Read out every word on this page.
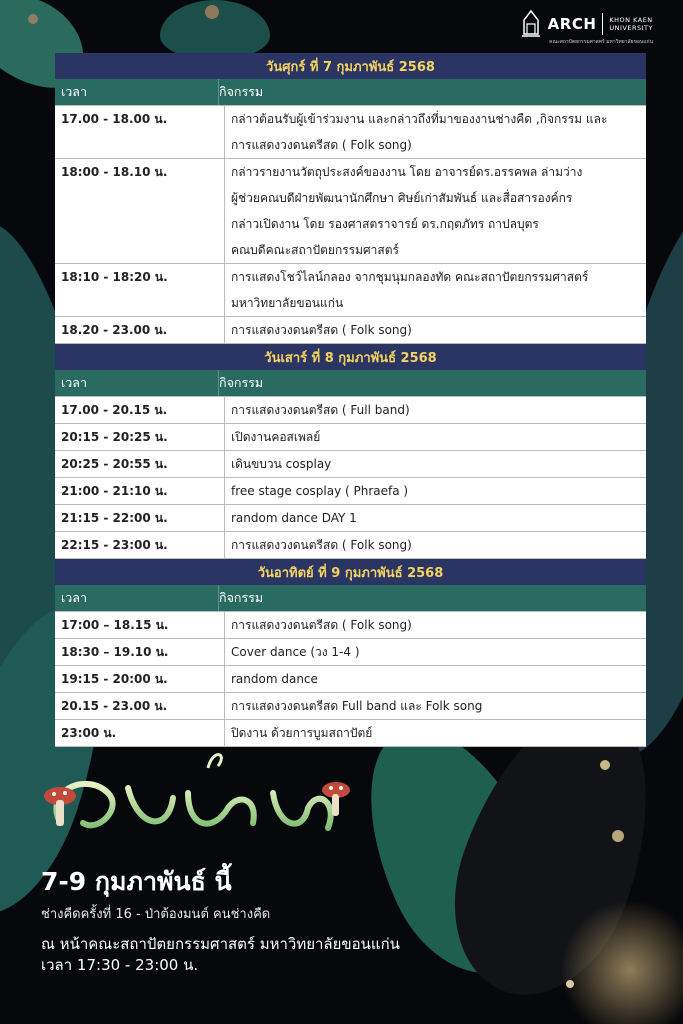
ARCH KHON KAEN
UNIVERSITY
คณะสถาปัตยกรรมศาสตร์ มหาวิทยาลัยขอนแก่น
วันศุกร์ ที่ 7 กุมภาพันธ์ 2568
เวลา	กิจกรรม
17.00 - 18.00 น.	กล่าวต้อนรับผู้เข้าร่วมงาน และกล่าวถึงที่มาของงานช่างคืด ,กิจกรรม และ
การแสดงวงดนตรีสด ( Folk song)
18:00 - 18.10 น.	กล่าวรายงานวัตถุประสงค์ของงาน โดย อาจารย์ดร.อรรคพล ล่ามว่าง
ผู้ช่วยคณบดีฝ่ายพัฒนานักศึกษา ศิษย์เก่าสัมพันธ์ และสื่อสารองค์กร
กล่าวเปิดงาน โดย รองศาสตราจารย์ ดร.กฤตภัทร ถาปลบุตร
คณบดีคณะสถาปัตยกรรมศาสตร์
18:10 - 18:20 น.	การแสดงโชว์ไลน์กลอง จากชุมนุมกลองทัด คณะสถาปัตยกรรมศาสตร์
มหาวิทยาลัยขอนแก่น
18.20 - 23.00 น.	การแสดงวงดนตรีสด ( Folk song)
วันเสาร์ ที่ 8 กุมภาพันธ์ 2568
เวลา	กิจกรรม
17.00 - 20.15 น.	การแสดงวงดนตรีสด ( Full band)
20:15 - 20:25 น.	เปิดงานคอสเพลย์
20:25 - 20:55 น.	เดินขบวน cosplay
21:00 - 21:10 น.	free stage cosplay ( Phraefa )
21:15 - 22:00 น.	random dance DAY 1
22:15 - 23:00 น.	การแสดงวงดนตรีสด ( Folk song)
วันอาทิตย์ ที่ 9 กุมภาพันธ์ 2568
เวลา	กิจกรรม
17:00 – 18.15 น.	การแสดงวงดนตรีสด ( Folk song)
18:30 – 19.10 น.	Cover dance (วง 1-4 )
19:15 - 20:00 น.	random dance
20.15 - 23.00 น.	การแสดงวงดนตรีสด Full band และ Folk song
23:00 น.	ปิดงาน ด้วยการบูมสถาปัตย์
7-9 กุมภาพันธ์ นี้
ช่างคืดครั้งที่ 16 - ป่าต้องมนต์ คนช่างคืด
ณ หน้าคณะสถาปัตยกรรมศาสตร์ มหาวิทยาลัยขอนแก่น
เวลา 17:30 - 23:00 น.
